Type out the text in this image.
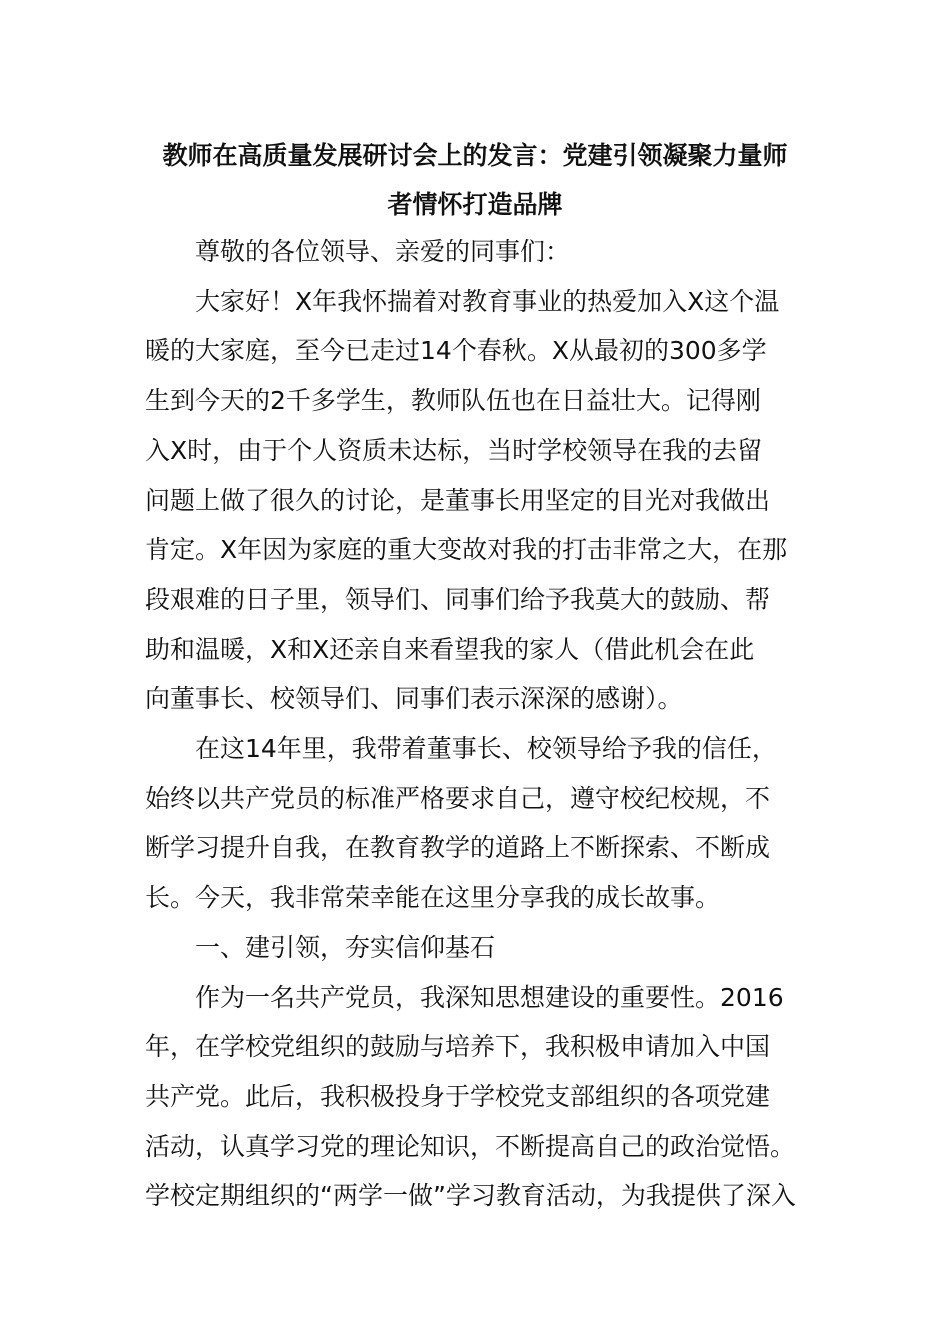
教师在高质量发展研讨会上的发言：党建引领凝聚力量师
者情怀打造品牌
尊敬的各位领导、亲爱的同事们：
大家好！X年我怀揣着对教育事业的热爱加入X这个温
暖的大家庭，至今已走过14个春秋。X从最初的300多学
生到今天的2千多学生，教师队伍也在日益壮大。记得刚
入X时，由于个人资质未达标，当时学校领导在我的去留
问题上做了很久的讨论，是董事长用坚定的目光对我做出
肯定。X年因为家庭的重大变故对我的打击非常之大，在那
段艰难的日子里，领导们、同事们给予我莫大的鼓励、帮
助和温暖，X和X还亲自来看望我的家人（借此机会在此
向董事长、校领导们、同事们表示深深的感谢）。
在这14年里，我带着董事长、校领导给予我的信任，
始终以共产党员的标准严格要求自己，遵守校纪校规，不
断学习提升自我，在教育教学的道路上不断探索、不断成
长。今天，我非常荣幸能在这里分享我的成长故事。
一、建引领，夯实信仰基石
作为一名共产党员，我深知思想建设的重要性。2016
年，在学校党组织的鼓励与培养下，我积极申请加入中国
共产党。此后，我积极投身于学校党支部组织的各项党建
活动，认真学习党的理论知识，不断提高自己的政治觉悟。
学校定期组织的“两学一做”学习教育活动，为我提供了深入
